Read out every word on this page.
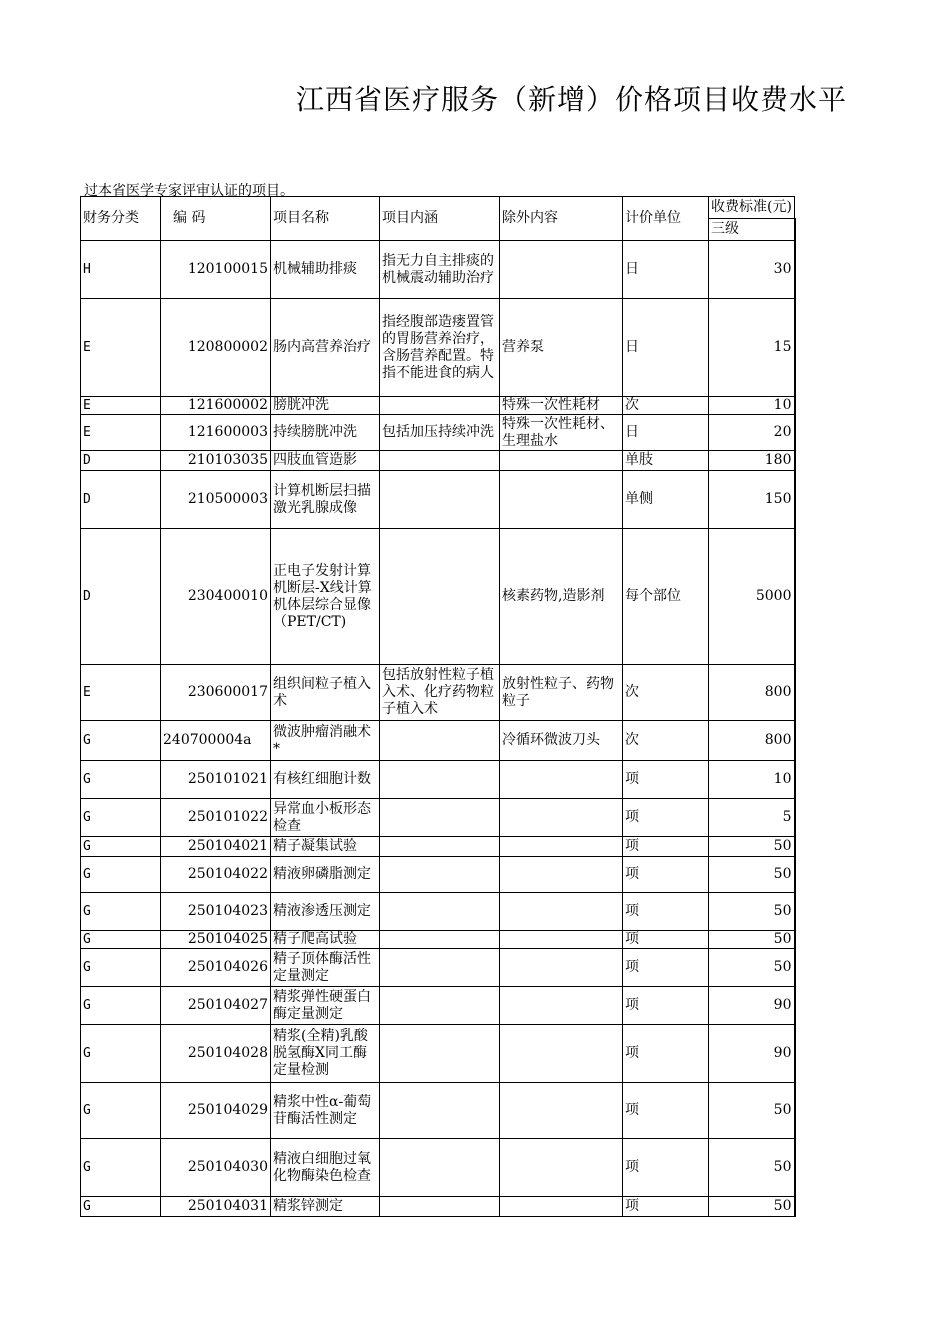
江西省医疗服务（新增）价格项目收费水平
过本省医学专家评审认证的项目。
财务分类	编 码	项目名称	项目内涵	除外内容	计价单位	收费标准(元)
						三级
H	120100015	机械辅助排痰	指无力自主排痰的机械震动辅助治疗		日	30
E	120800002	肠内高营养治疗	指经腹部造瘘置管的胃肠营养治疗，含肠营养配置。特指不能进食的病人	营养泵	日	15
E	121600002	膀胱冲洗		特殊一次性耗材	次	10
E	121600003	持续膀胱冲洗	包括加压持续冲洗	特殊一次性耗材、生理盐水	日	20
D	210103035	四肢血管造影			单肢	180
D	210500003	计算机断层扫描激光乳腺成像			单侧	150
D	230400010	正电子发射计算机断层-X线计算机体层综合显像（PET/CT)		核素药物,造影剂	每个部位	5000
E	230600017	组织间粒子植入术	包括放射性粒子植入术、化疗药物粒子植入术	放射性粒子、药物粒子	次	800
G	240700004a	微波肿瘤消融术*		冷循环微波刀头	次	800
G	250101021	有核红细胞计数			项	10
G	250101022	异常血小板形态检查			项	5
G	250104021	精子凝集试验			项	50
G	250104022	精液卵磷脂测定			项	50
G	250104023	精液渗透压测定			项	50
G	250104025	精子爬高试验			项	50
G	250104026	精子顶体酶活性定量测定			项	50
G	250104027	精浆弹性硬蛋白酶定量测定			项	90
G	250104028	精浆(全精)乳酸脱氢酶X同工酶定量检测			项	90
G	250104029	精浆中性α-葡萄苷酶活性测定			项	50
G	250104030	精液白细胞过氧化物酶染色检查			项	50
G	250104031	精浆锌测定			项	50
